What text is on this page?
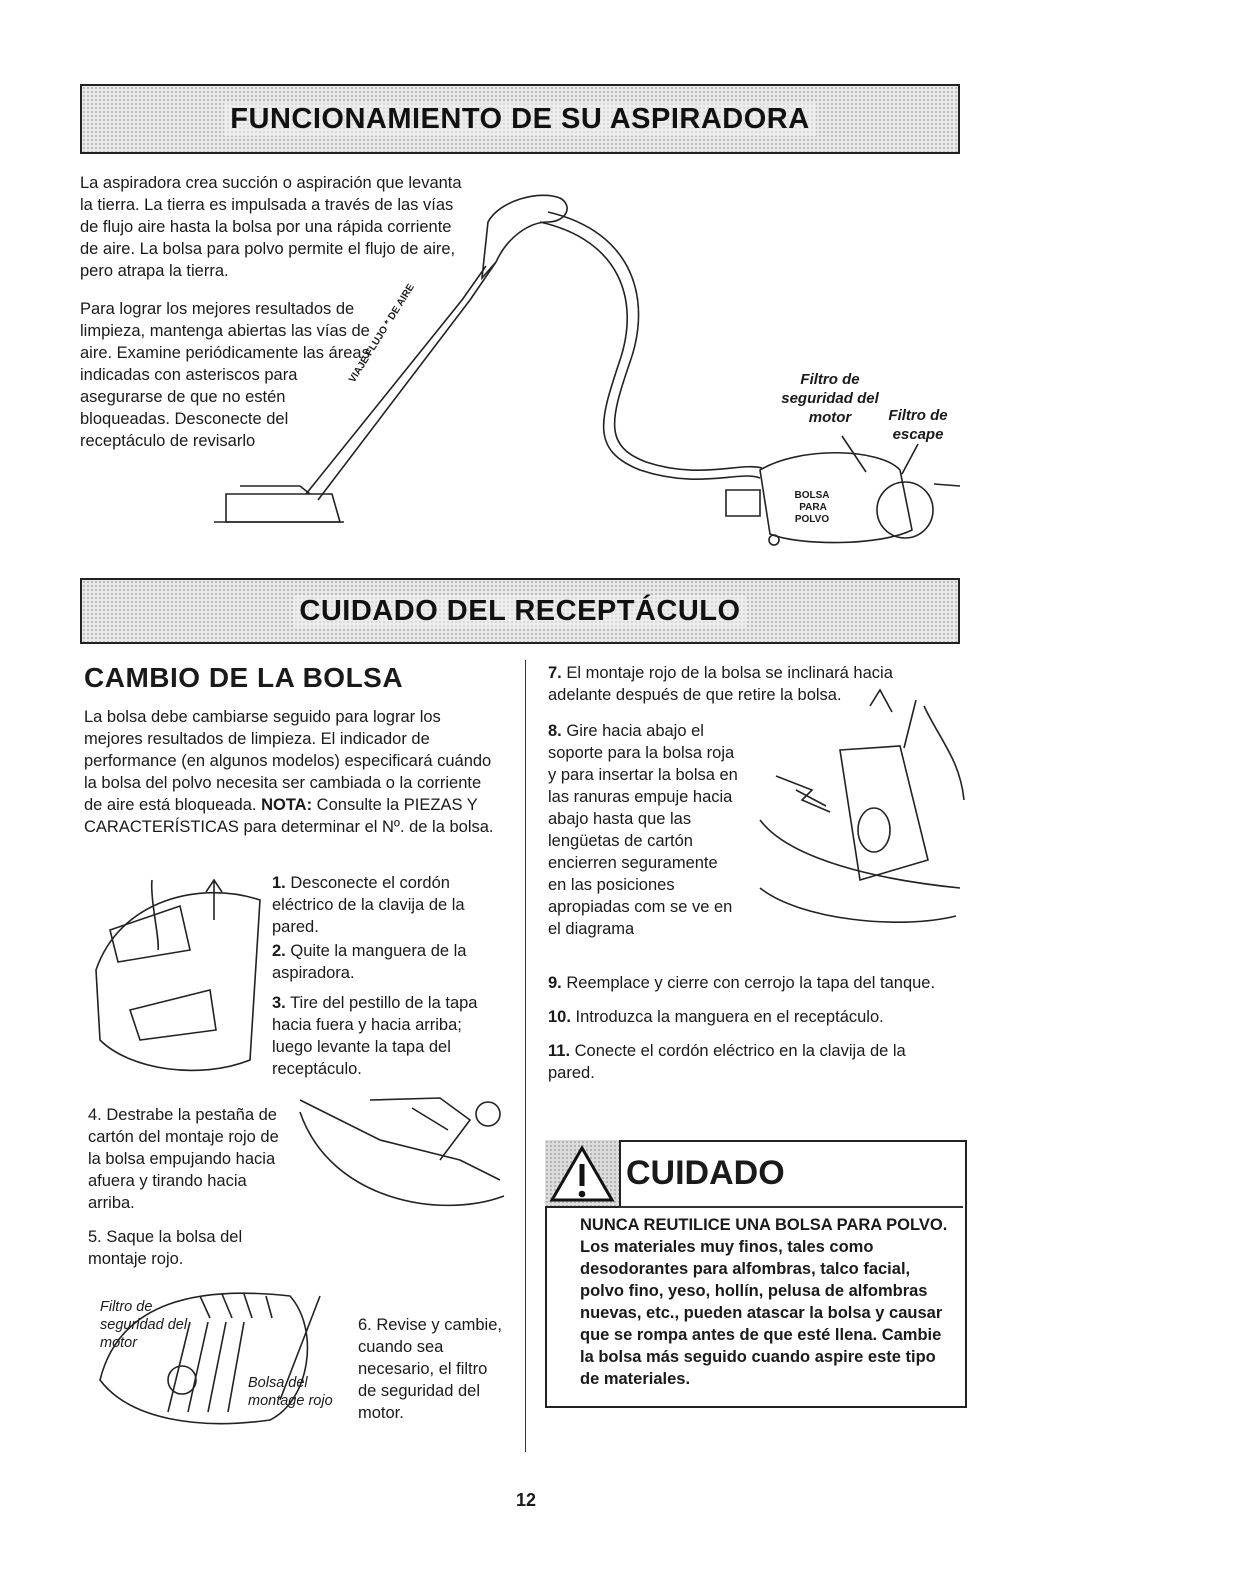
FUNCIONAMIENTO DE SU ASPIRADORA

La aspiradora crea succión o aspiración que levanta la tierra. La tierra es impulsada a través de las vías de flujo aire hasta la bolsa por una rápida corriente de aire. La bolsa para polvo permite el flujo de aire, pero atrapa la tierra.

Para lograr los mejores resultados de limpieza, mantenga abiertas las vías de aire. Examine periódicamente las áreas indicadas con asteriscos para asegurarse de que no estén bloqueadas. Desconecte del receptáculo de revisarlo

VIAJE FLUJO * DE AIRE
BOLSA
PARA
POLVO
Filtro de seguridad del motor	Filtro de escape
CUIDADO DEL RECEPTÁCULO
CAMBIO DE LA BOLSA

La bolsa debe cambiarse seguido para lograr los mejores resultados de limpieza. El indicador de performance (en algunos modelos) especificará cuándo la bolsa del polvo necesita ser cambiada o la corriente de aire está bloqueada. NOTA: Consulte la PIEZAS Y CARACTERÍSTICAS para determinar el Nº. de la bolsa.

1. Desconecte el cordón eléctrico de la clavija de la pared.

2. Quite la manguera de la aspiradora.

3. Tire del pestillo de la tapa hacia fuera y hacia arriba; luego levante la tapa del receptáculo.

4. Destrabe la pestaña de cartón del montaje rojo de la bolsa empujando hacia afuera y tirando hacia arriba.

5. Saque la bolsa del montaje rojo.

Filtro de seguridad del motor
Bolsa del montage rojo

6. Revise y cambie, cuando sea necesario, el filtro de seguridad del motor.

7. El montaje rojo de la bolsa se inclinará hacia adelante después de que retire la bolsa.

8. Gire hacia abajo el soporte para la bolsa roja y para insertar la bolsa en las ranuras empuje hacia abajo hasta que las lengüetas de cartón encierren seguramente en las posiciones apropiadas com se ve en el diagrama

9. Reemplace y cierre con cerrojo la tapa del tanque.

10. Introduzca la manguera en el receptáculo.

11. Conecte el cordón eléctrico en la clavija de la pared.

CUIDADO

NUNCA REUTILICE UNA BOLSA PARA POLVO. Los materiales muy finos, tales como desodorantes para alfombras, talco facial, polvo fino, yeso, hollín, pelusa de alfombras nuevas, etc., pueden atascar la bolsa y causar que se rompa antes de que esté llena. Cambie la bolsa más seguido cuando aspire este tipo de materiales.

12
